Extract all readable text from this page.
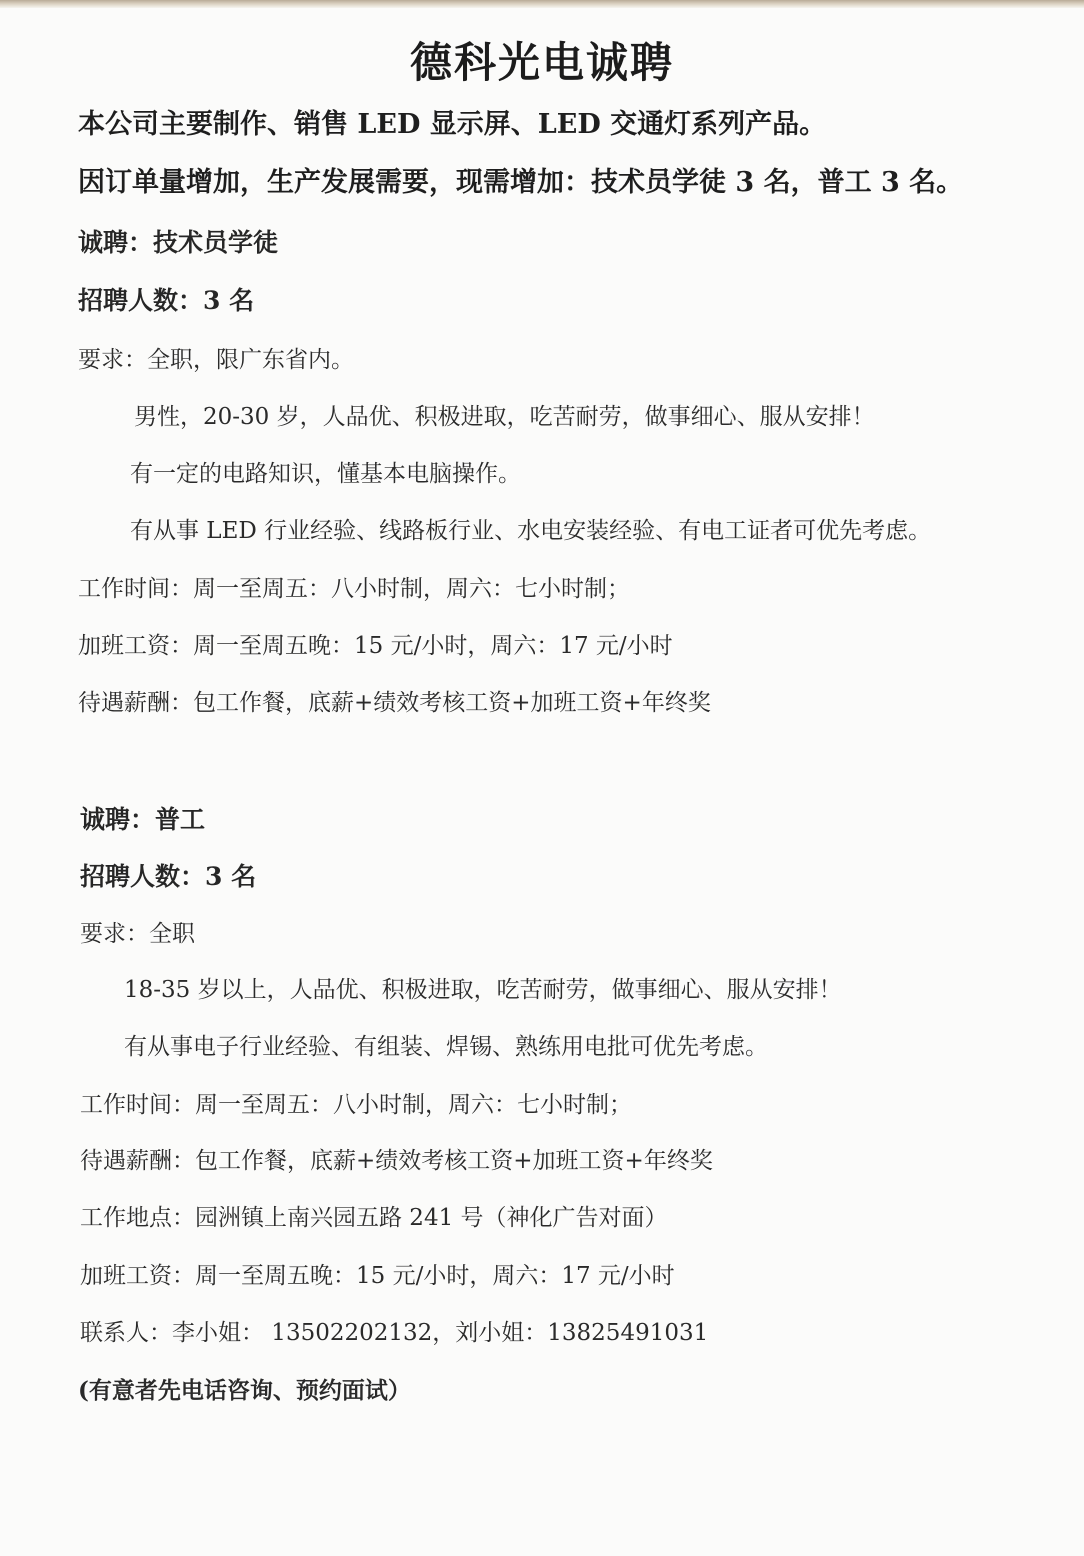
德科光电诚聘

本公司主要制作、销售 LED 显示屏、LED 交通灯系列产品。

因订单量增加，生产发展需要，现需增加：技术员学徒 3 名，普工 3 名。

诚聘：技术员学徒

招聘人数：3 名

要求：全职，限广东省内。

男性，20-30 岁，人品优、积极进取，吃苦耐劳，做事细心、服从安排！

有一定的电路知识，懂基本电脑操作。

有从事 LED 行业经验、线路板行业、水电安装经验、有电工证者可优先考虑。

工作时间：周一至周五：八小时制，周六：七小时制；

加班工资：周一至周五晚：15 元/小时，周六：17 元/小时

待遇薪酬：包工作餐，底薪+绩效考核工资+加班工资+年终奖

诚聘：普工

招聘人数：3 名

要求：全职

18-35 岁以上，人品优、积极进取，吃苦耐劳，做事细心、服从安排！

有从事电子行业经验、有组装、焊锡、熟练用电批可优先考虑。

工作时间：周一至周五：八小时制，周六：七小时制；

待遇薪酬：包工作餐，底薪+绩效考核工资+加班工资+年终奖

工作地点：园洲镇上南兴园五路 241 号（神化广告对面）

加班工资：周一至周五晚：15 元/小时，周六：17 元/小时

联系人：李小姐： 13502202132，刘小姐：13825491031

(有意者先电话咨询、预约面试）
